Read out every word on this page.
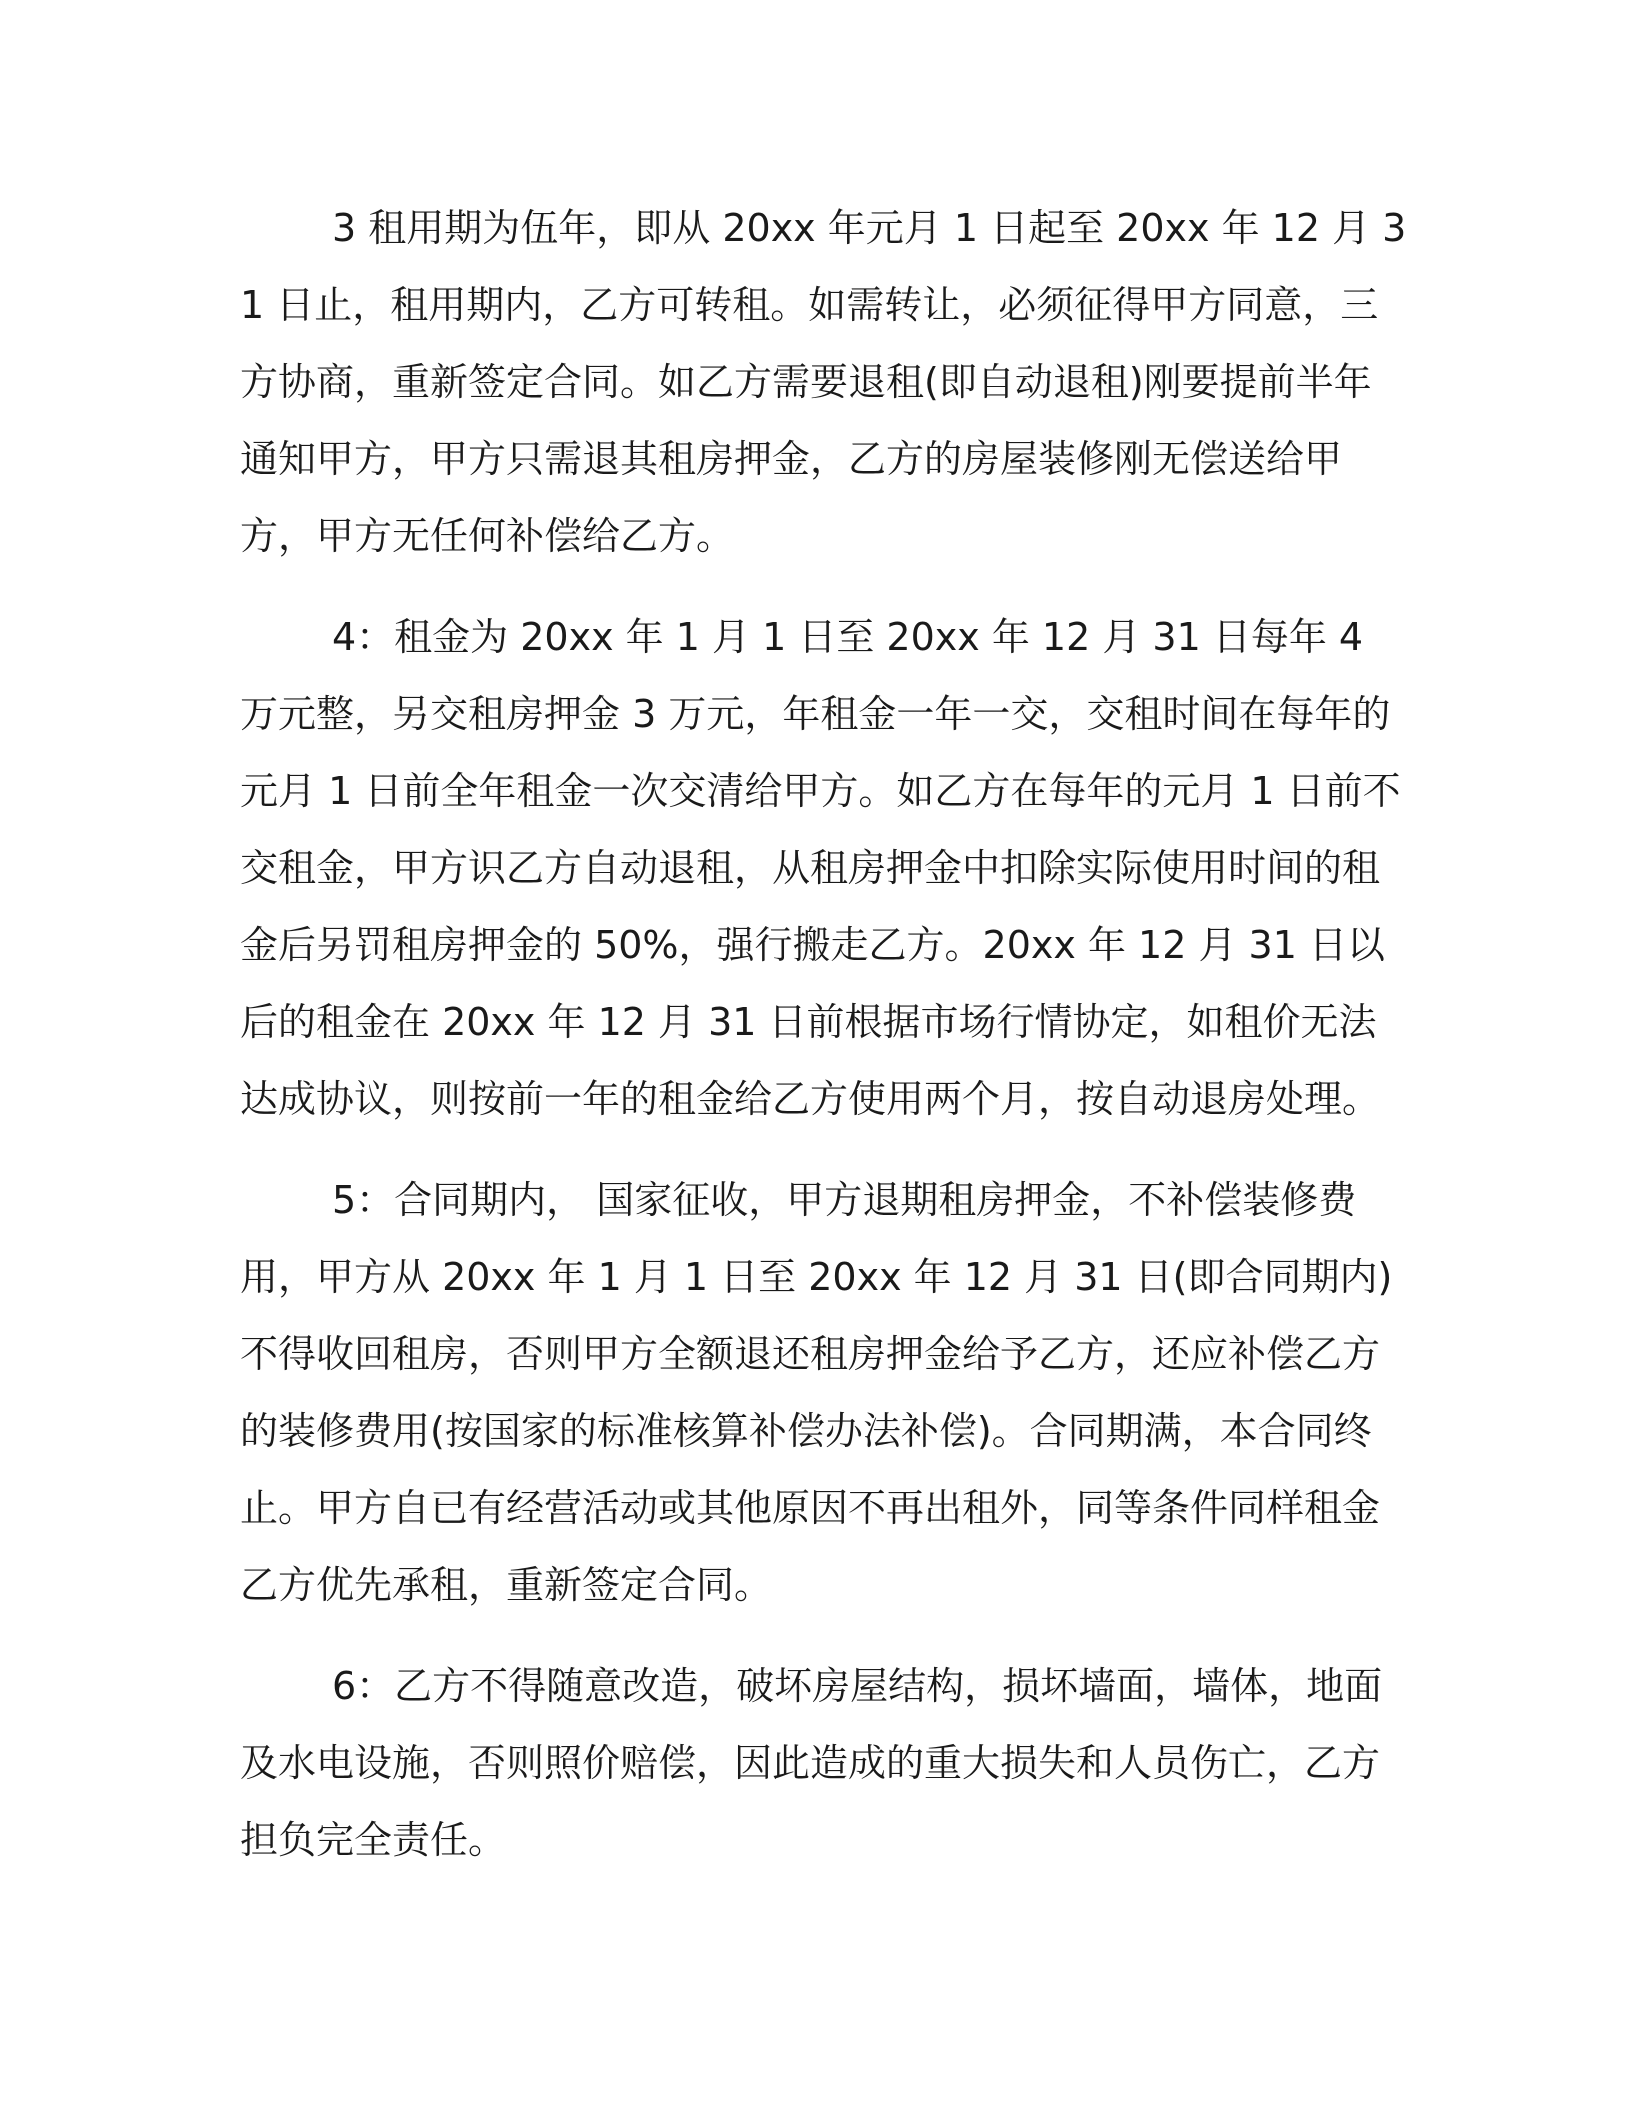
3 租用期为伍年，即从 20xx 年元月 1 日起至 20xx 年 12 月 31 日止，租用期内，乙方可转租。如需转让，必须征得甲方同意，三方协商，重新签定合同。如乙方需要退租(即自动退租)刚要提前半年通知甲方，甲方只需退其租房押金，乙方的房屋装修刚无偿送给甲方，甲方无任何补偿给乙方。

4：租金为 20xx 年 1 月 1 日至 20xx 年 12 月 31 日每年 4 万元整，另交租房押金 3 万元，年租金一年一交，交租时间在每年的元月 1 日前全年租金一次交清给甲方。如乙方在每年的元月 1 日前不交租金，甲方识乙方自动退租，从租房押金中扣除实际使用时间的租金后另罚租房押金的 50%，强行搬走乙方。20xx 年 12 月 31 日以后的租金在 20xx 年 12 月 31 日前根据市场行情协定，如租价无法达成协议，则按前一年的租金给乙方使用两个月，按自动退房处理。

5：合同期内， 国家征收，甲方退期租房押金，不补偿装修费用，甲方从 20xx 年 1 月 1 日至 20xx 年 12 月 31 日(即合同期内)不得收回租房，否则甲方全额退还租房押金给予乙方，还应补偿乙方的装修费用(按国家的标准核算补偿办法补偿)。合同期满，本合同终止。甲方自已有经营活动或其他原因不再出租外，同等条件同样租金乙方优先承租，重新签定合同。

6：乙方不得随意改造，破坏房屋结构，损坏墙面，墙体，地面及水电设施，否则照价赔偿，因此造成的重大损失和人员伤亡，乙方担负完全责任。
